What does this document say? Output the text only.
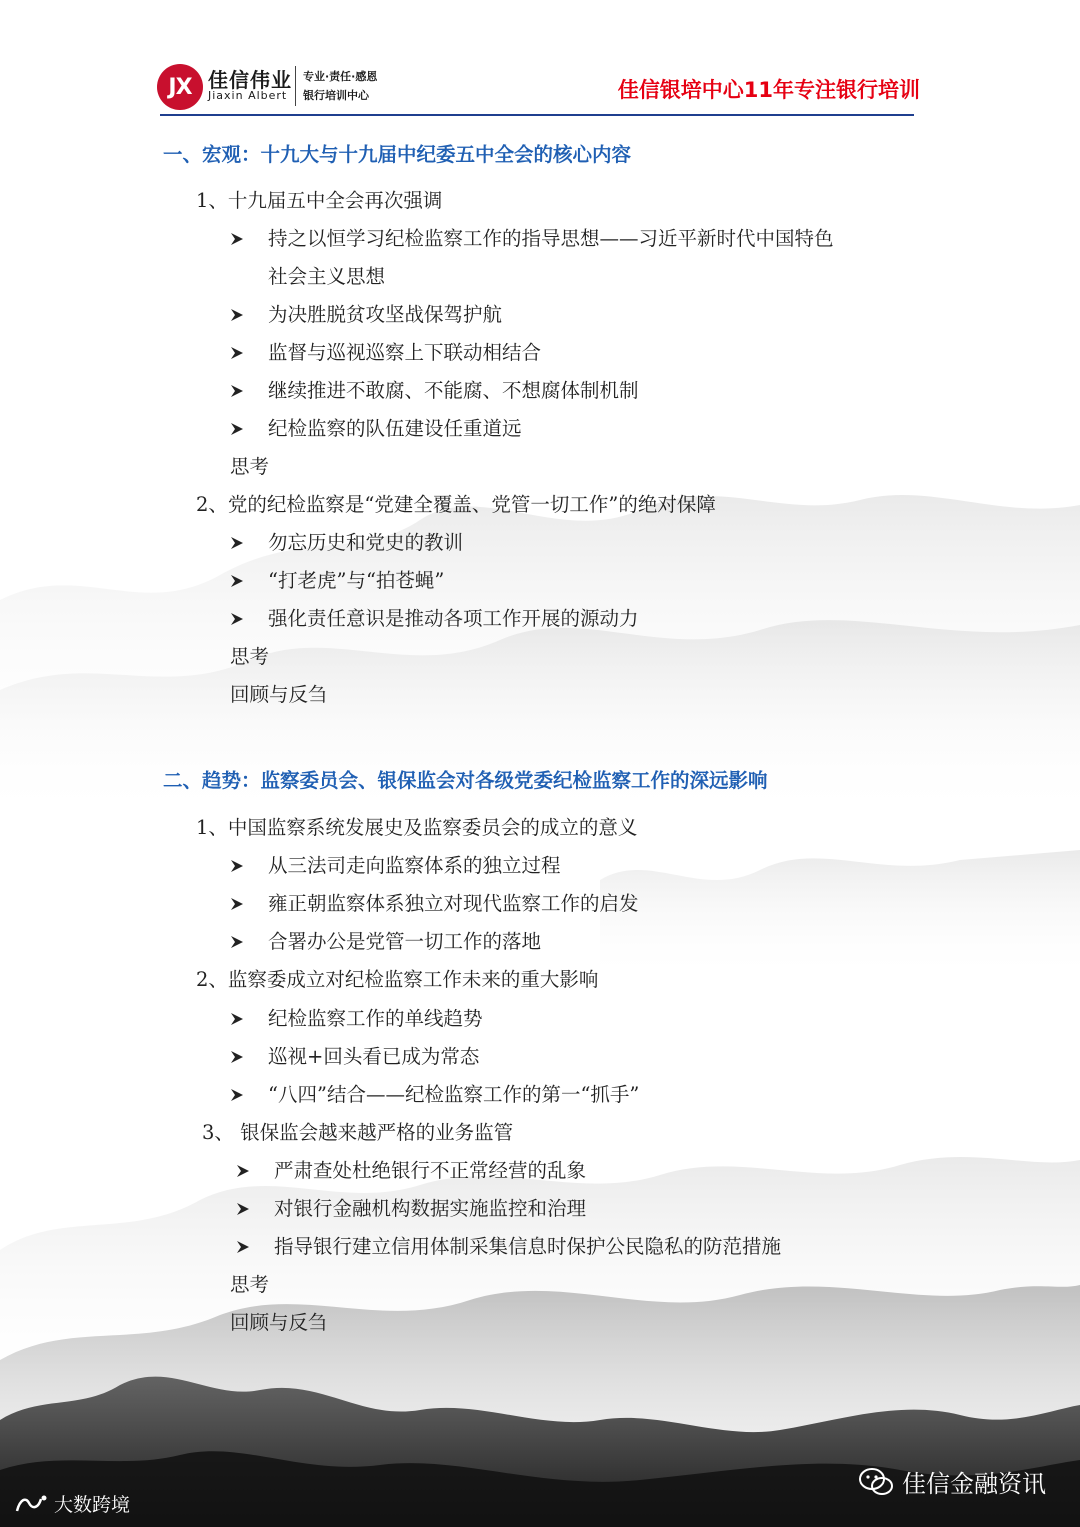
JX 佳信伟业
Jiaxin Albert
专业·责任·感恩
银行培训中心	佳信银培中心11年专注银行培训
一、宏观：十九大与十九届中纪委五中全会的核心内容
1、十九届五中全会再次强调
持之以恒学习纪检监察工作的指导思想——习近平新时代中国特色
社会主义思想
为决胜脱贫攻坚战保驾护航
监督与巡视巡察上下联动相结合
继续推进不敢腐、不能腐、不想腐体制机制
纪检监察的队伍建设任重道远
思考
2、党的纪检监察是“党建全覆盖、党管一切工作”的绝对保障
勿忘历史和党史的教训
“打老虎”与“拍苍蝇”
强化责任意识是推动各项工作开展的源动力
思考
回顾与反刍
二、趋势：监察委员会、银保监会对各级党委纪检监察工作的深远影响
1、中国监察系统发展史及监察委员会的成立的意义
从三法司走向监察体系的独立过程
雍正朝监察体系独立对现代监察工作的启发
合署办公是党管一切工作的落地
2、监察委成立对纪检监察工作未来的重大影响
纪检监察工作的单线趋势
巡视+回头看已成为常态
“八四”结合——纪检监察工作的第一“抓手”
3、 银保监会越来越严格的业务监管
严肃查处杜绝银行不正常经营的乱象
对银行金融机构数据实施监控和治理
指导银行建立信用体制采集信息时保护公民隐私的防范措施
思考
回顾与反刍
大数跨境
佳信金融资讯
